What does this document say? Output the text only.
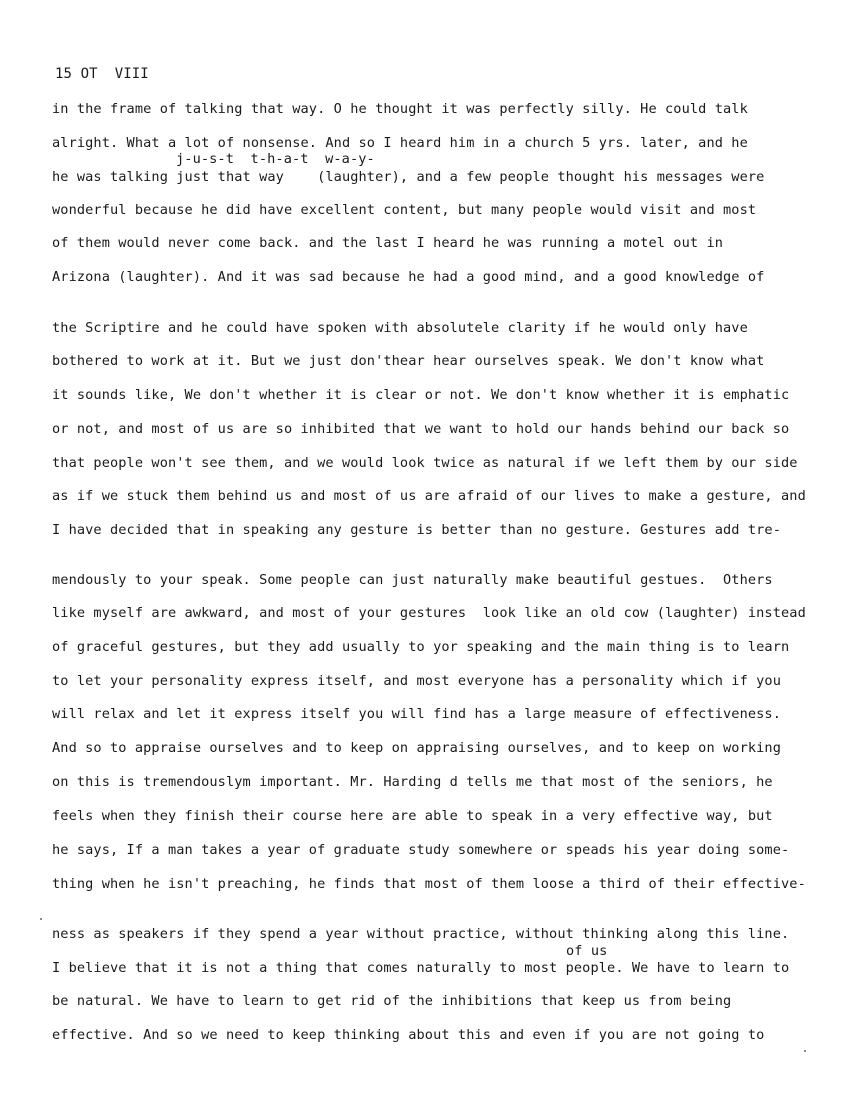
15 OT  VIII
in the frame of talking that way. O he thought it was perfectly silly. He could talk
alright. What a lot of nonsense. And so I heard him in a church 5 yrs. later, and he
j-u-s-t  t-h-a-t  w-a-y-
he was talking just that way    (laughter), and a few people thought his messages were
wonderful because he did have excellent content, but many people would visit and most
of them would never come back. and the last I heard he was running a motel out in
Arizona (laughter). And it was sad because he had a good mind, and a good knowledge of
the Scriptire and he could have spoken with absolutele clarity if he would only have
bothered to work at it. But we just don'thear hear ourselves speak. We don't know what
it sounds like, We don't whether it is clear or not. We don't know whether it is emphatic
or not, and most of us are so inhibited that we want to hold our hands behind our back so
that people won't see them, and we would look twice as natural if we left them by our side
as if we stuck them behind us and most of us are afraid of our lives to make a gesture, and
I have decided that in speaking any gesture is better than no gesture. Gestures add tre-
mendously to your speak. Some people can just naturally make beautiful gestues.  Others
like myself are awkward, and most of your gestures  look like an old cow (laughter) instead
of graceful gestures, but they add usually to yor speaking and the main thing is to learn
to let your personality express itself, and most everyone has a personality which if you
will relax and let it express itself you will find has a large measure of effectiveness.
And so to appraise ourselves and to keep on appraising ourselves, and to keep on working
on this is tremendouslym important. Mr. Harding d tells me that most of the seniors, he
feels when they finish their course here are able to speak in a very effective way, but
he says, If a man takes a year of graduate study somewhere or speads his year doing some-
thing when he isn't preaching, he finds that most of them loose a third of their effective-
ness as speakers if they spend a year without practice, without thinking along this line.
of us
I believe that it is not a thing that comes naturally to most people. We have to learn to
be natural. We have to learn to get rid of the inhibitions that keep us from being
effective. And so we need to keep thinking about this and even if you are not going to
